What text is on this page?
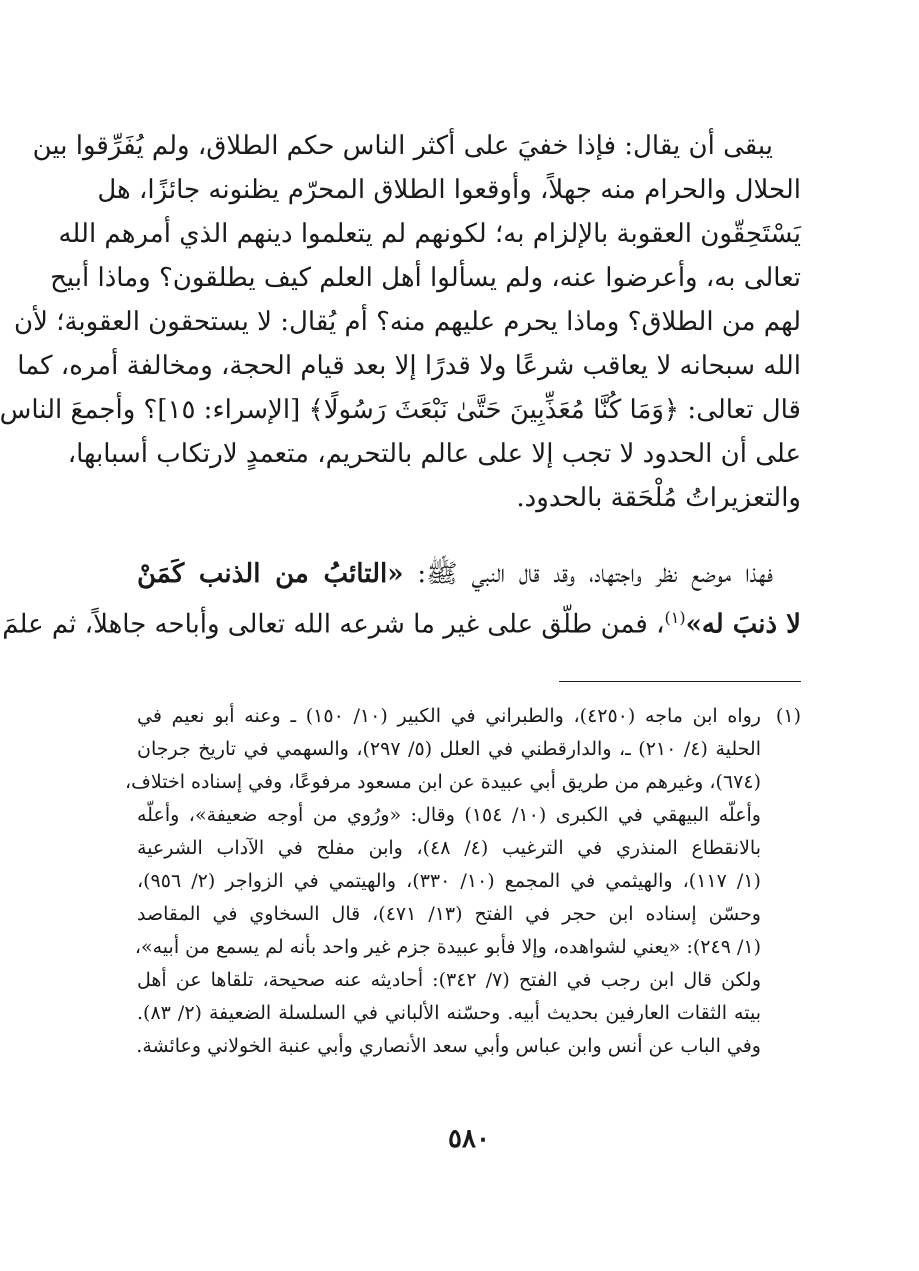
يبقى أن يقال: فإذا خفيَ على أكثر الناس حكم الطلاق، ولم يُفَرِّقوا بين
الحلال والحرام منه جهلاً، وأوقعوا الطلاق المحرّم يظنونه جائزًا، هل
يَسْتَحِقّون العقوبة بالإلزام به؛ لكونهم لم يتعلموا دينهم الذي أمرهم الله
تعالى به، وأعرضوا عنه، ولم يسألوا أهل العلم كيف يطلقون؟ وماذا أبيح
لهم من الطلاق؟ وماذا يحرم عليهم منه؟ أم يُقال: لا يستحقون العقوبة؛ لأن
الله سبحانه لا يعاقب شرعًا ولا قدرًا إلا بعد قيام الحجة، ومخالفة أمره، كما
قال تعالى: ﴿وَمَا كُنَّا مُعَذِّبِينَ حَتَّىٰ نَبْعَثَ رَسُولًا﴾ [الإسراء: ١٥]؟ وأجمعَ الناس
على أن الحدود لا تجب إلا على عالم بالتحريم، متعمدٍ لارتكاب أسبابها،
والتعزيراتُ مُلْحَقة بالحدود.
فهذا موضع نظر واجتهاد، وقد قال النبي ﷺ: «التائبُ من الذنب كَمَنْ
لا ذنبَ له»$^{(١)}$، فمن طلّق على غير ما شرعه الله تعالى وأباحه جاهلاً، ثم علمَ
(١)رواه ابن ماجه (٤٢٥٠)، والطبراني في الكبير (١٠/ ١٥٠) ـ وعنه أبو نعيم في
الحلية (٤/ ٢١٠) ـ، والدارقطني في العلل (٥/ ٢٩٧)، والسهمي في تاريخ جرجان
(٦٧٤)، وغيرهم من طريق أبي عبيدة عن ابن مسعود مرفوعًا، وفي إسناده اختلاف،
وأعلّه البيهقي في الكبرى (١٠/ ١٥٤) وقال: «ورُوي من أوجه ضعيفة»، وأعلّه
بالانقطاع المنذري في الترغيب (٤/ ٤٨)، وابن مفلح في الآداب الشرعية
(١/ ١١٧)، والهيثمي في المجمع (١٠/ ٣٣٠)، والهيتمي في الزواجر (٢/ ٩٥٦)،
وحسّن إسناده ابن حجر في الفتح (١٣/ ٤٧١)، قال السخاوي في المقاصد
(١/ ٢٤٩): «يعني لشواهده، وإلا فأبو عبيدة جزم غير واحد بأنه لم يسمع من أبيه»،
ولكن قال ابن رجب في الفتح (٧/ ٣٤٢): أحاديثه عنه صحيحة، تلقاها عن أهل
بيته الثقات العارفين بحديث أبيه. وحسّنه الألباني في السلسلة الضعيفة (٢/ ٨٣).
وفي الباب عن أنس وابن عباس وأبي سعد الأنصاري وأبي عنبة الخولاني وعائشة.
٥٨٠
